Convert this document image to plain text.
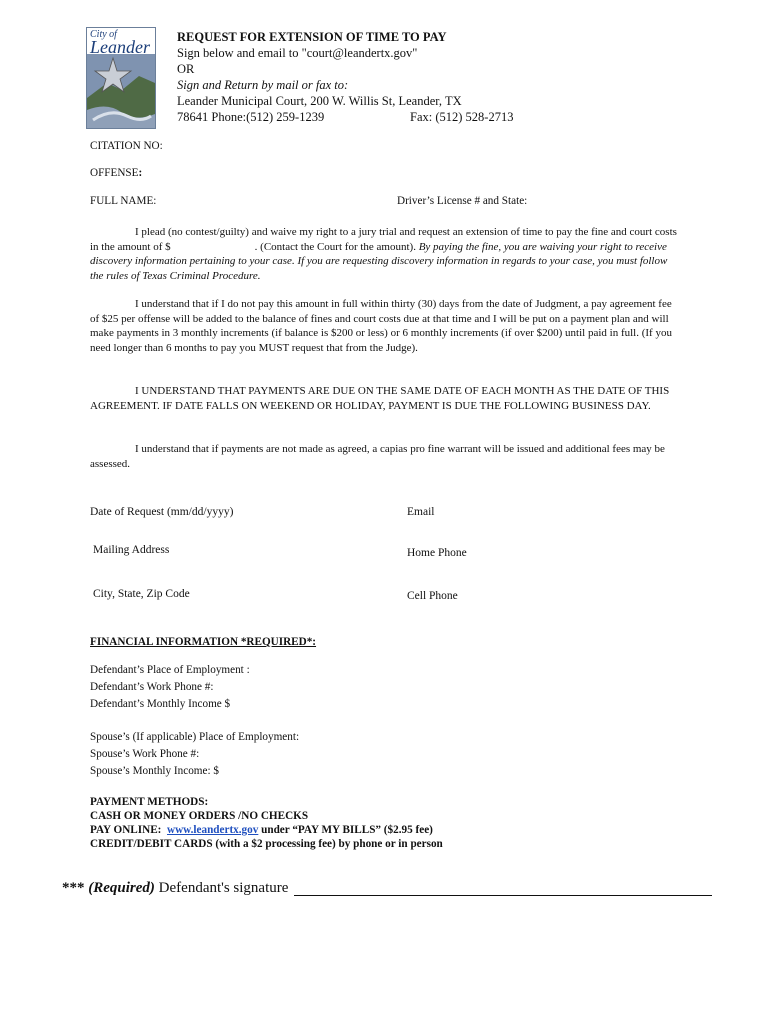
City of
Leander REQUEST FOR EXTENSION OF TIME TO PAY
Sign below and email to "court@leandertx.gov"
OR
Sign and Return by mail or fax to:
Leander Municipal Court, 200 W. Willis St, Leander, TX
78641 Phone:(512) 259-1239	Fax: (512) 528-2713
CITATION NO:
OFFENSE:
FULL NAME:	Driver’s License # and State:
I plead (no contest/guilty) and waive my right to a jury trial and request an extension of time to pay the fine and court costs in the amount of $	. (Contact the Court for the amount). By paying the fine, you are waiving your right to receive discovery information pertaining to your case. If you are requesting discovery information in regards to your case, you must follow the rules of Texas Criminal Procedure.
I understand that if I do not pay this amount in full within thirty (30) days from the date of Judgment, a pay agreement fee of $25 per offense will be added to the balance of fines and court costs due at that time and I will be put on a payment plan and will make payments in 3 monthly increments (if balance is $200 or less) or 6 monthly increments (if over $200) until paid in full. (If you need longer than 6 months to pay you MUST request that from the Judge).
I UNDERSTAND THAT PAYMENTS ARE DUE ON THE SAME DATE OF EACH MONTH AS THE DATE OF THIS AGREEMENT. IF DATE FALLS ON WEEKEND OR HOLIDAY, PAYMENT IS DUE THE FOLLOWING BUSINESS DAY.
I understand that if payments are not made as agreed, a capias pro fine warrant will be issued and additional fees may be assessed.
Date of Request (mm/dd/yyyy)	Email
Mailing Address	Home Phone
City, State, Zip Code	Cell Phone
FINANCIAL INFORMATION *REQUIRED*:
Defendant’s Place of Employment :
Defendant’s Work Phone #:
Defendant’s Monthly Income $
Spouse’s (If applicable) Place of Employment:
Spouse’s Work Phone #:
Spouse’s Monthly Income: $
PAYMENT METHODS:
CASH OR MONEY ORDERS /NO CHECKS
PAY ONLINE: www.leandertx.gov under “PAY MY BILLS” ($2.95 fee)
CREDIT/DEBIT CARDS (with a $2 processing fee) by phone or in person
*** (Required) Defendant's signature
